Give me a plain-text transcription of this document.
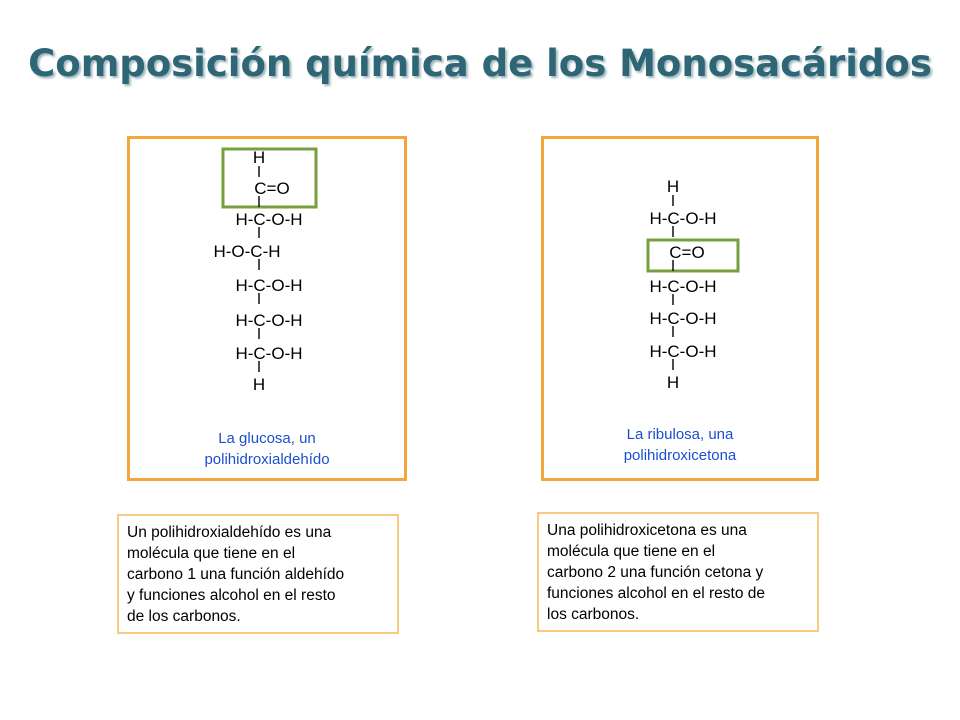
Composición química de los Monosacáridos
H
C=O
H-C-O-H
H-O-C-H
H-C-O-H
H-C-O-H
H-C-O-H
H
La glucosa, un
polihidroxialdehído
H
H-C-O-H
C=O
H-C-O-H
H-C-O-H
H-C-O-H
H
La ribulosa, una
polihidroxicetona
Un polihidroxialdehído es una
molécula que tiene en el
carbono 1 una función aldehído
y funciones alcohol en el resto
de los carbonos.
Una polihidroxicetona es una
molécula que tiene en el
carbono 2 una función cetona y
funciones alcohol en el resto de
los carbonos.
